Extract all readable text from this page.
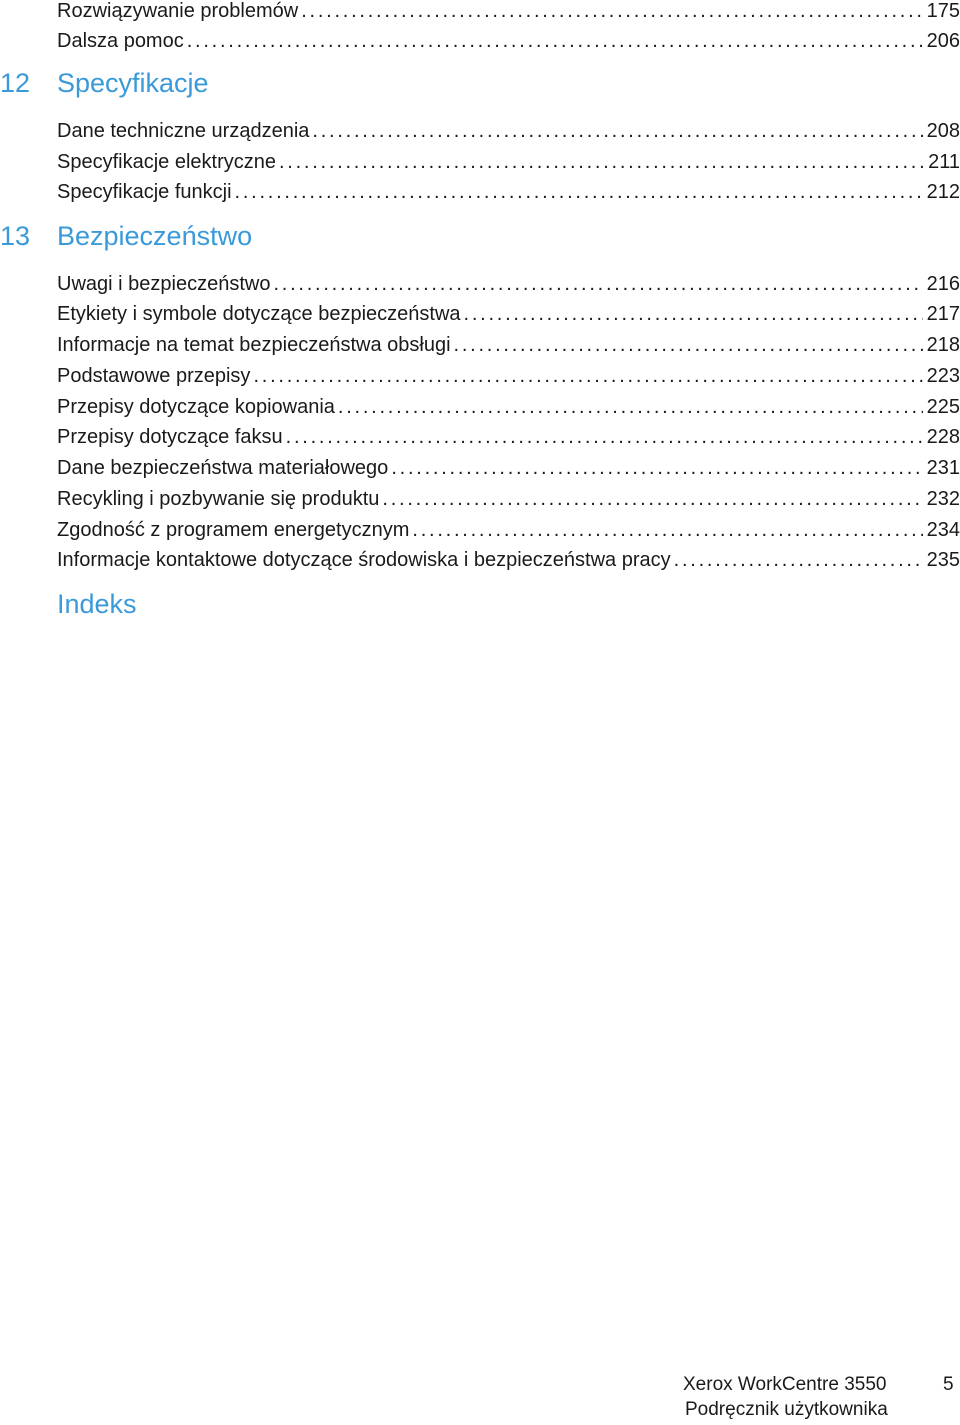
Rozwiązywanie problemów . . .	175
Dalsza pomoc . . .	206
12 Specyfikacje
Dane techniczne urządzenia . . .	208
Specyfikacje elektryczne . . .	211
Specyfikacje funkcji . . .	212
13 Bezpieczeństwo
Uwagi i bezpieczeństwo . . .	216
Etykiety i symbole dotyczące bezpieczeństwa . . .	217
Informacje na temat bezpieczeństwa obsługi . . .	218
Podstawowe przepisy . . .	223
Przepisy dotyczące kopiowania . . .	225
Przepisy dotyczące faksu . . .	228
Dane bezpieczeństwa materiałowego . . .	231
Recykling i pozbywanie się produktu . . .	232
Zgodność z programem energetycznym . . .	234
Informacje kontaktowe dotyczące środowiska i bezpieczeństwa pracy . . .	235
Indeks
Xerox WorkCentre 3550
Podręcznik użytkownika
5
